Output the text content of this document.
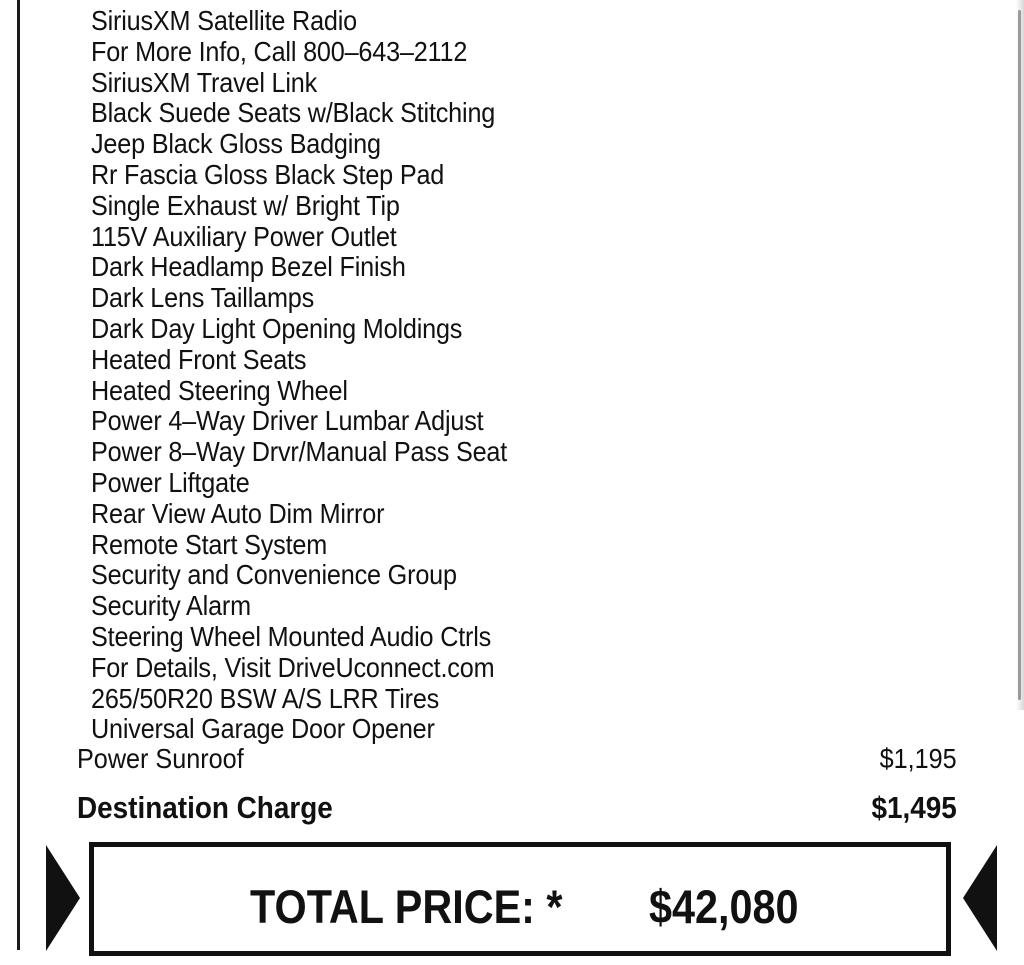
SiriusXM Satellite Radio
For More Info, Call 800–643–2112
SiriusXM Travel Link
Black Suede Seats w/Black Stitching
Jeep Black Gloss Badging
Rr Fascia Gloss Black Step Pad
Single Exhaust w/ Bright Tip
115V Auxiliary Power Outlet
Dark Headlamp Bezel Finish
Dark Lens Taillamps
Dark Day Light Opening Moldings
Heated Front Seats
Heated Steering Wheel
Power 4–Way Driver Lumbar Adjust
Power 8–Way Drvr/Manual Pass Seat
Power Liftgate
Rear View Auto Dim Mirror
Remote Start System
Security and Convenience Group
Security Alarm
Steering Wheel Mounted Audio Ctrls
For Details, Visit DriveUconnect.com
265/50R20 BSW A/S LRR Tires
Universal Garage Door Opener
Power Sunroof	$1,195
Destination Charge	$1,495
TOTAL PRICE: * $42,080
